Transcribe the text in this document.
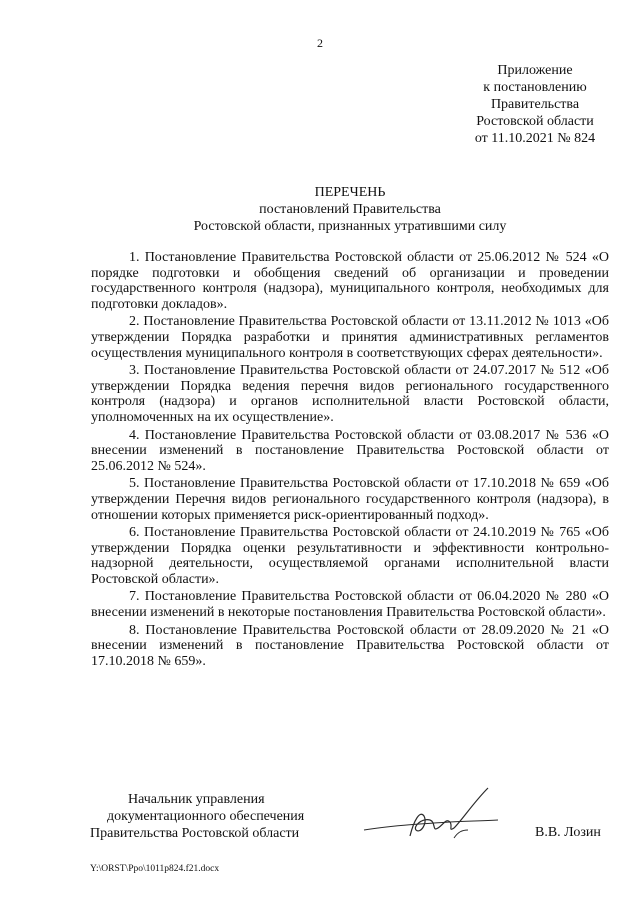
2
Приложение
к постановлению
Правительства
Ростовской области
от 11.10.2021 № 824
ПЕРЕЧЕНЬ
постановлений Правительства
Ростовской области, признанных утратившими силу

1. Постановление Правительства Ростовской области от 25.06.2012 № 524 «О порядке подготовки и обобщения сведений об организации и проведении государственного контроля (надзора), муниципального контроля, необходимых для подготовки докладов».

2. Постановление Правительства Ростовской области от 13.11.2012 № 1013 «Об утверждении Порядка разработки и принятия административных регламентов осуществления муниципального контроля в соответствующих сферах деятельности».

3. Постановление Правительства Ростовской области от 24.07.2017 № 512 «Об утверждении Порядка ведения перечня видов регионального государственного контроля (надзора) и органов исполнительной власти Ростовской области, уполномоченных на их осуществление».

4. Постановление Правительства Ростовской области от 03.08.2017 № 536 «О внесении изменений в постановление Правительства Ростовской области от 25.06.2012 № 524».

5. Постановление Правительства Ростовской области от 17.10.2018 № 659 «Об утверждении Перечня видов регионального государственного контроля (надзора), в отношении которых применяется риск-ориентированный подход».

6. Постановление Правительства Ростовской области от 24.10.2019 № 765 «Об утверждении Порядка оценки результативности и эффективности контрольно-надзорной деятельности, осуществляемой органами исполнительной власти Ростовской области».

7. Постановление Правительства Ростовской области от 06.04.2020 № 280 «О внесении изменений в некоторые постановления Правительства Ростовской области».

8. Постановление Правительства Ростовской области от 28.09.2020 № 21 «О внесении изменений в постановление Правительства Ростовской области от 17.10.2018 № 659».

Начальник управления
документационного обеспечения
Правительства Ростовской области	В.В. Лозин
Y:\ORST\Ppo\1011p824.f21.docx
